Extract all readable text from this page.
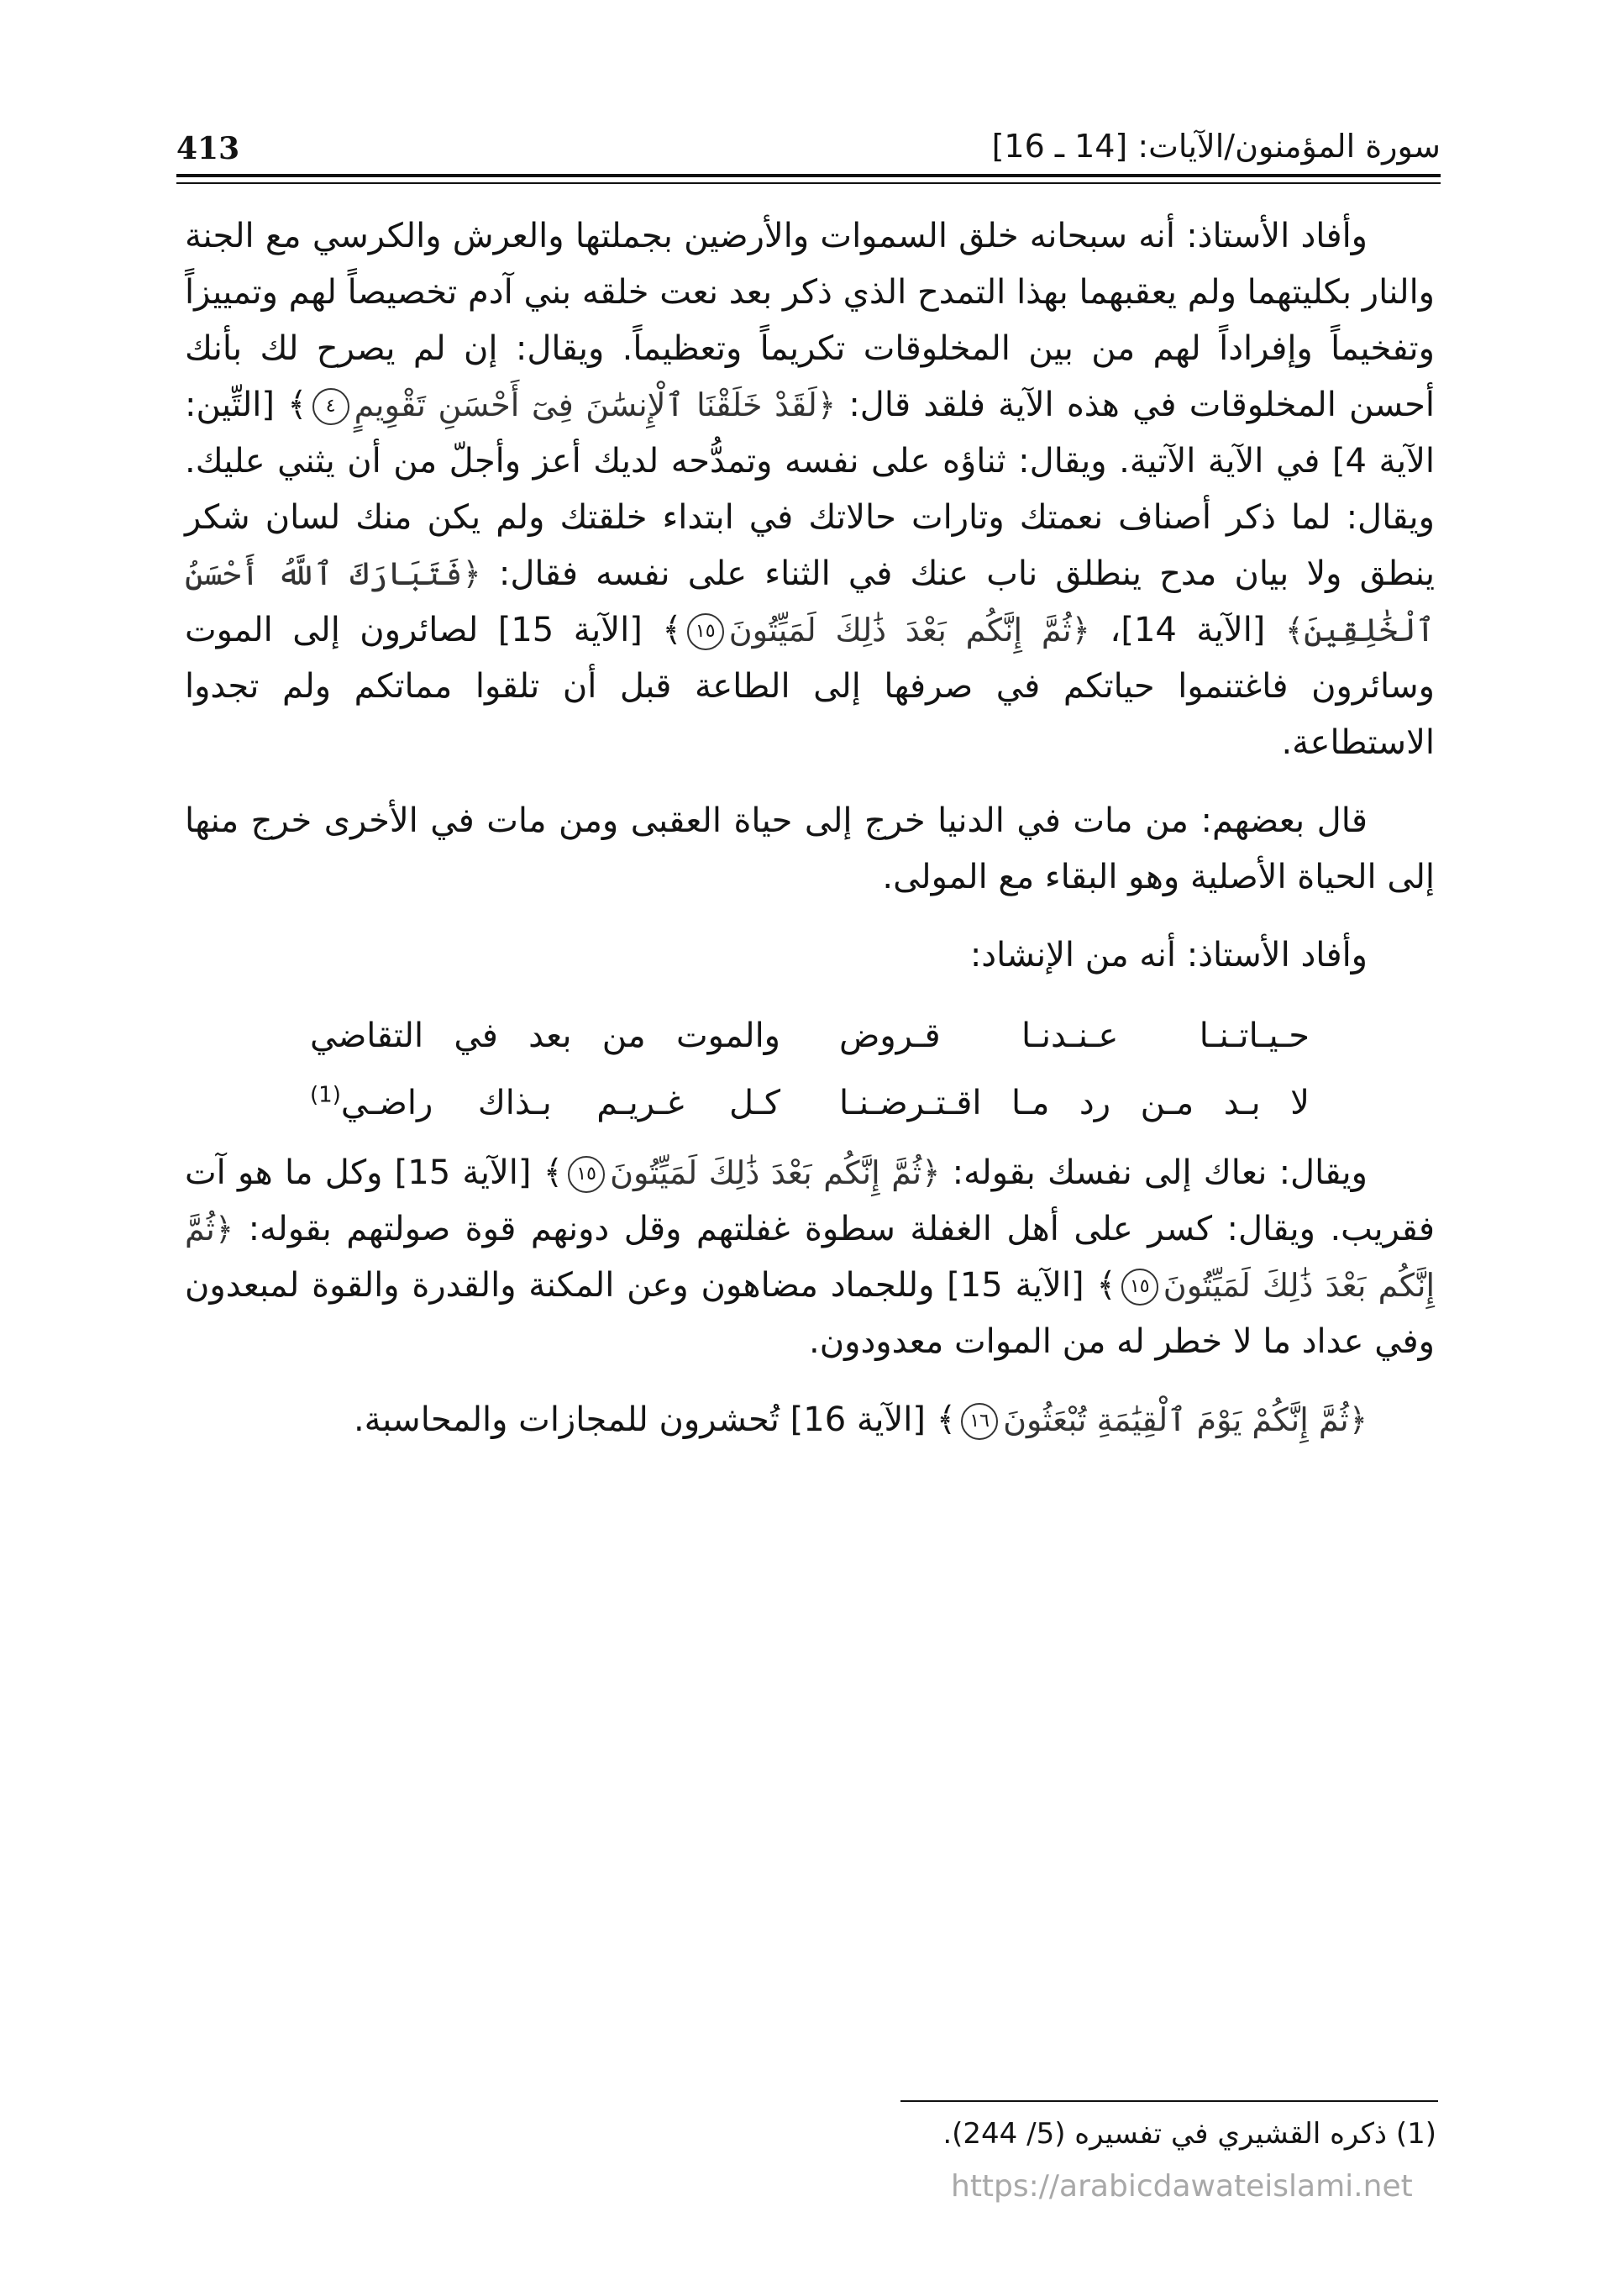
413	سورة المؤمنون/الآيات: [14 ـ 16]

وأفاد الأستاذ: أنه سبحانه خلق السموات والأرضين بجملتها والعرش والكرسي مع الجنة والنار بكليتهما ولم يعقبهما بهذا التمدح الذي ذكر بعد نعت خلقه بني آدم تخصيصاً لهم وتمييزاً وتفخيماً وإفراداً لهم من بين المخلوقات تكريماً وتعظيماً. ويقال: إن لم يصرح لك بأنك أحسن المخلوقات في هذه الآية فلقد قال: ﴿لَقَدْ خَلَقْنَا ٱلْإِنسَٰنَ فِىٓ أَحْسَنِ تَقْوِيمٍ٤﴾ [التِّين: الآية 4] في الآية الآتية. ويقال: ثناؤه على نفسه وتمدُّحه لديك أعز وأجلّ من أن يثني عليك. ويقال: لما ذكر أصناف نعمتك وتارات حالاتك في ابتداء خلقتك ولم يكن منك لسان شكر ينطق ولا بيان مدح ينطلق ناب عنك في الثناء على نفسه فقال: ﴿فَتَبَارَكَ ٱللَّهُ أَحْسَنُ ٱلْخَٰلِقِينَ﴾ [الآية 14]، ﴿ثُمَّ إِنَّكُم بَعْدَ ذَٰلِكَ لَمَيِّتُونَ١٥﴾ [الآية 15] لصائرون إلى الموت وسائرون فاغتنموا حياتكم في صرفها إلى الطاعة قبل أن تلقوا مماتكم ولم تجدوا الاستطاعة.

قال بعضهم: من مات في الدنيا خرج إلى حياة العقبى ومن مات في الأخرى خرج منها إلى الحياة الأصلية وهو البقاء مع المولى.

وأفاد الأستاذ: أنه من الإنشاد:

حـيـاتـنـا عـنـدنـا قـروض
والموت من بعد في التقاضي
لا بـد مـن رد مـا اقـتـرضـنـا
كـل غـريـم بـذاك راضـي$^{(1)}$

ويقال: نعاك إلى نفسك بقوله: ﴿ثُمَّ إِنَّكُم بَعْدَ ذَٰلِكَ لَمَيِّتُونَ١٥﴾ [الآية 15] وكل ما هو آت فقريب. ويقال: كسر على أهل الغفلة سطوة غفلتهم وقل دونهم قوة صولتهم بقوله: ﴿ثُمَّ إِنَّكُم بَعْدَ ذَٰلِكَ لَمَيِّتُونَ١٥﴾ [الآية 15] وللجماد مضاهون وعن المكنة والقدرة والقوة لمبعدون وفي عداد ما لا خطر له من الموات معدودون.

﴿ثُمَّ إِنَّكُمْ يَوْمَ ٱلْقِيَٰمَةِ تُبْعَثُونَ١٦﴾ [الآية 16] تُحشرون للمجازات والمحاسبة.

(1) ذكره القشيري في تفسيره (5/ 244).
https://arabicdawateislami.net
